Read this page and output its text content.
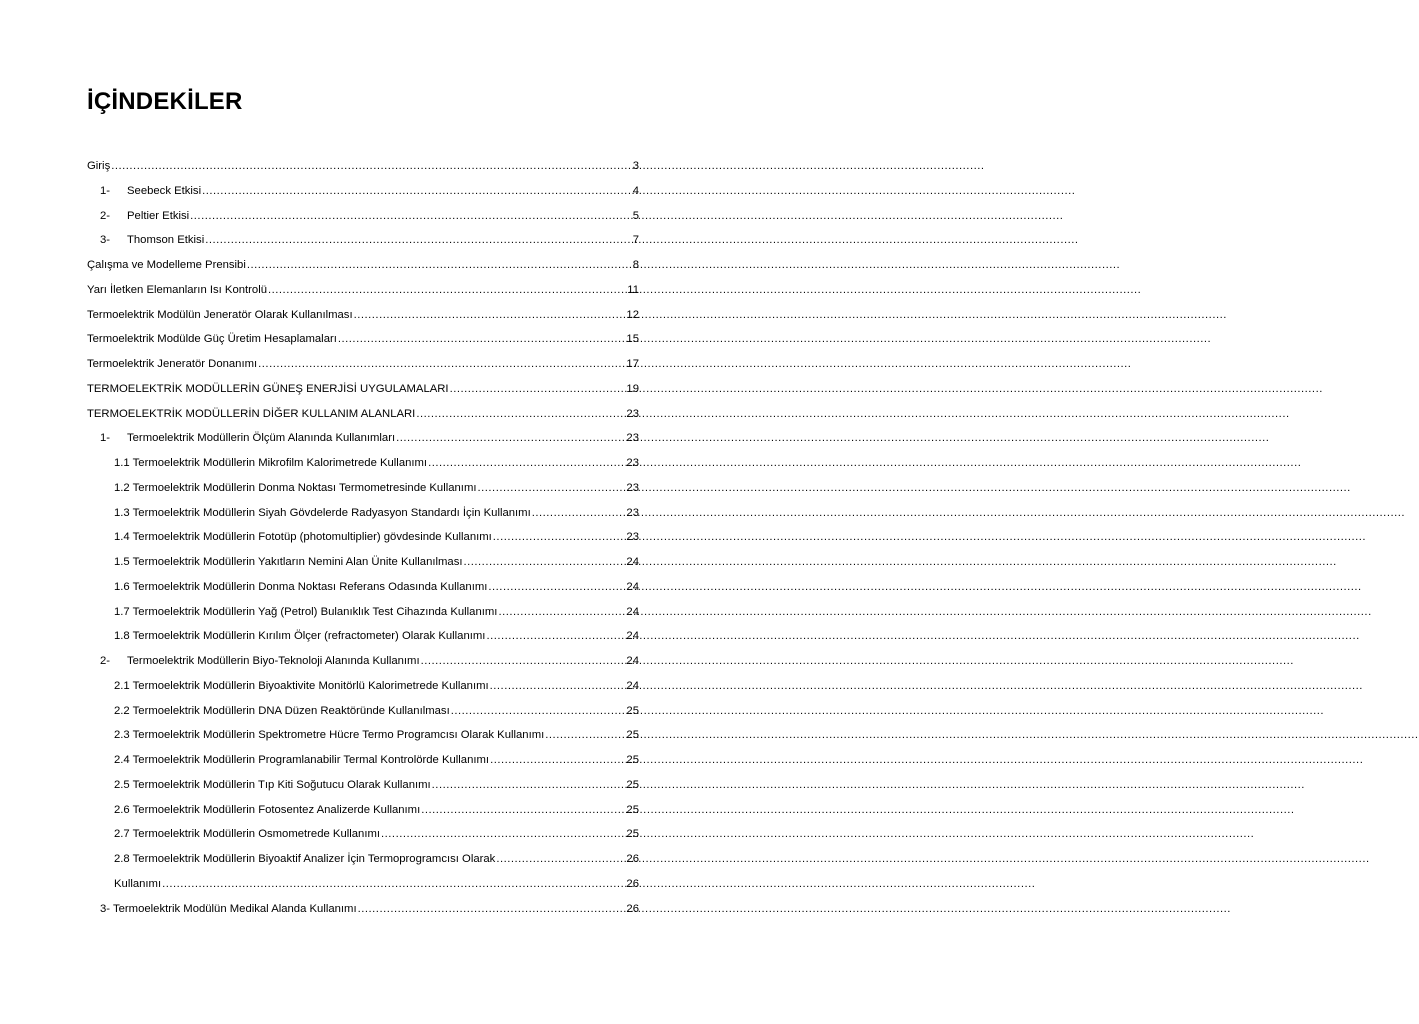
İÇİNDEKİLER
Giriş .....	3
1-	Seebeck Etkisi .....	4
2-	Peltier Etkisi .....	5
3-	Thomson Etkisi .....	7
Çalışma ve Modelleme Prensibi .....	8
Yarı İletken Elemanların Isı Kontrolü .....	11
Termoelektrik Modülün Jeneratör Olarak Kullanılması .....	12
Termoelektrik Modülde Güç Üretim Hesaplamaları .....	15
Termoelektrik Jeneratör Donanımı .....	17
TERMOELEKTRİK MODÜLLERİN GÜNEŞ ENERJİSİ UYGULAMALARI .....	19
TERMOELEKTRİK MODÜLLERİN DİĞER KULLANIM ALANLARI .....	23
1-	Termoelektrik Modüllerin Ölçüm Alanında Kullanımları .....	23
1.1 Termoelektrik Modüllerin Mikrofilm Kalorimetrede Kullanımı .....	23
1.2 Termoelektrik Modüllerin Donma Noktası Termometresinde Kullanımı .....	23
1.3 Termoelektrik Modüllerin Siyah Gövdelerde Radyasyon Standardı İçin Kullanımı .....	23
1.4 Termoelektrik Modüllerin Fototüp (photomultiplier) gövdesinde Kullanımı .....	23
1.5 Termoelektrik Modüllerin Yakıtların Nemini Alan Ünite Kullanılması .....	24
1.6 Termoelektrik Modüllerin Donma Noktası Referans Odasında Kullanımı .....	24
1.7 Termoelektrik Modüllerin Yağ (Petrol) Bulanıklık Test Cihazında Kullanımı .....	24
1.8 Termoelektrik Modüllerin Kırılım Ölçer (refractometer) Olarak Kullanımı .....	24
2-	Termoelektrik Modüllerin Biyo-Teknoloji Alanında Kullanımı .....	24
2.1 Termoelektrik Modüllerin Biyoaktivite Monitörlü Kalorimetrede Kullanımı .....	24
2.2 Termoelektrik Modüllerin DNA Düzen Reaktöründe Kullanılması .....	25
2.3 Termoelektrik Modüllerin Spektrometre Hücre Termo Programcısı Olarak Kullanımı .....	25
2.4 Termoelektrik Modüllerin Programlanabilir Termal Kontrolörde Kullanımı .....	25
2.5 Termoelektrik Modüllerin Tıp Kiti Soğutucu Olarak Kullanımı .....	25
2.6 Termoelektrik Modüllerin Fotosentez Analizerde Kullanımı .....	25
2.7 Termoelektrik Modüllerin Osmometrede Kullanımı .....	25
2.8 Termoelektrik Modüllerin Biyoaktif Analizer İçin Termoprogramcısı Olarak .....	26
Kullanımı .....	26
3- Termoelektrik Modülün Medikal Alanda Kullanımı .....	26
